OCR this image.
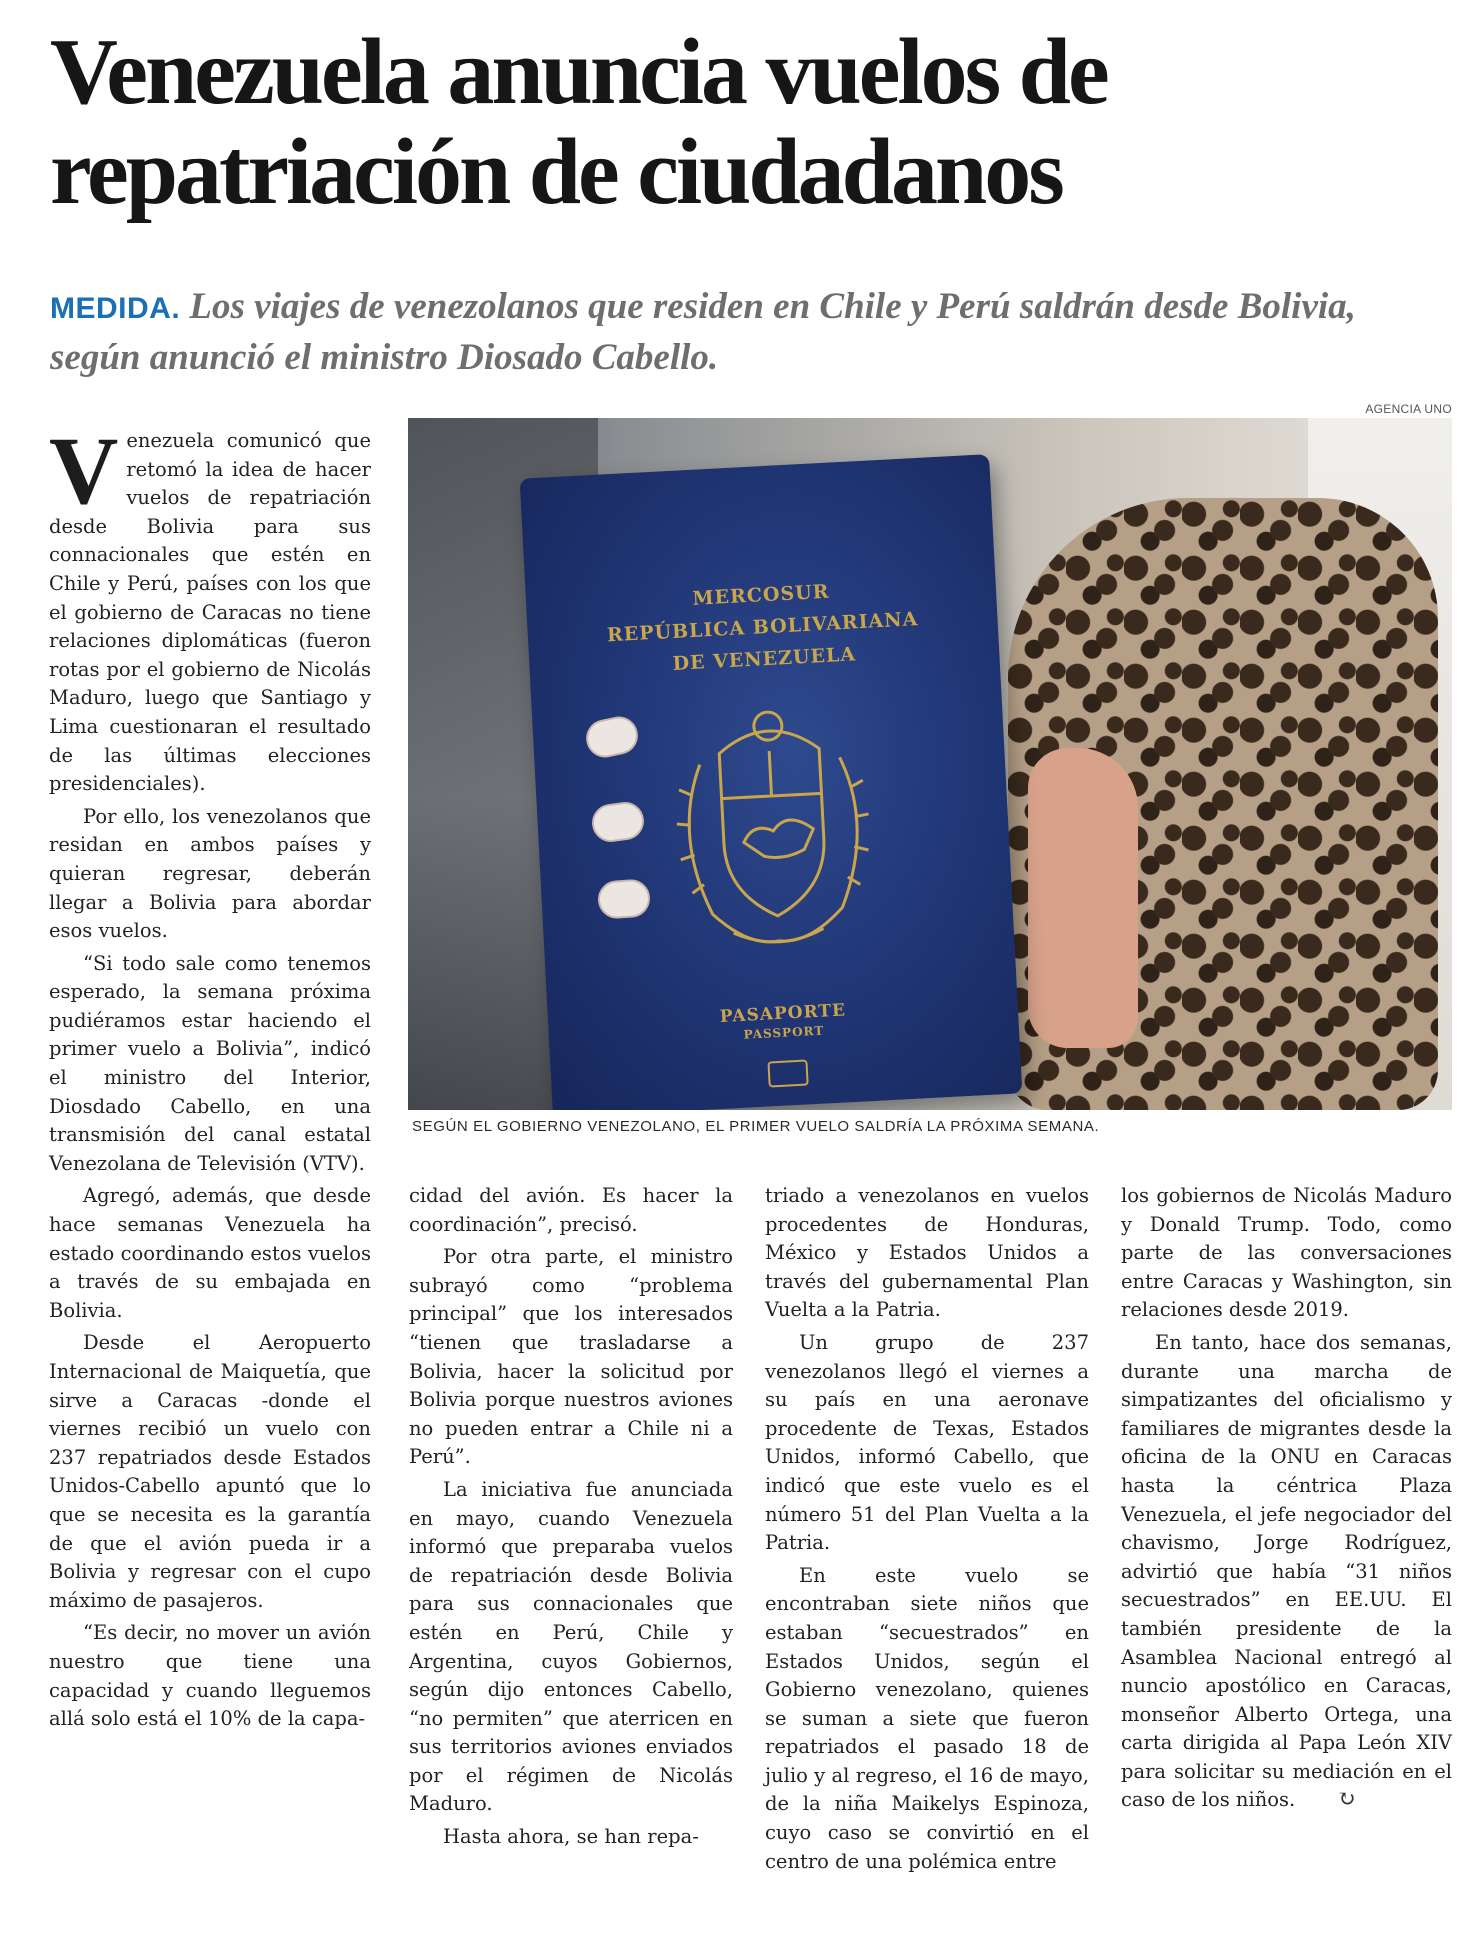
Venezuela anuncia vuelos de
repatriación de ciudadanos

MEDIDA. Los viajes de venezolanos que residen en Chile y Perú saldrán desde Bolivia, según anunció el ministro Diosado Cabello.

AGENCIA UNO

MERCOSUR

REPÚBLICA BOLIVARIANA

DE VENEZUELA

PASAPORTE

PASSPORT

SEGÚN EL GOBIERNO VENEZOLANO, EL PRIMER VUELO SALDRÍA LA PRÓXIMA SEMANA.

Venezuela comunicó que retomó la idea de hacer vuelos de repatriación desde Bolivia para sus connacionales que estén en Chile y Perú, países con los que el gobierno de Caracas no tiene relaciones diplomáticas (fueron rotas por el gobierno de Nicolás Maduro, luego que Santiago y Lima cuestionaran el resultado de las últimas elecciones presidenciales).

Por ello, los venezolanos que residan en ambos países y quieran regresar, deberán llegar a Bolivia para abordar esos vuelos.

“Si todo sale como tenemos esperado, la semana próxima pudiéramos estar haciendo el primer vuelo a Bolivia”, indicó el ministro del Interior, Diosdado Cabello, en una transmisión del canal estatal Venezolana de Televisión (VTV).

Agregó, además, que desde hace semanas Venezuela ha estado coordinando estos vuelos a través de su embajada en Bolivia.

Desde el Aeropuerto Internacional de Maiquetía, que sirve a Caracas -donde el viernes recibió un vuelo con 237 repatriados desde Estados Unidos-Cabello apuntó que lo que se necesita es la garantía de que el avión pueda ir a Bolivia y regresar con el cupo máximo de pasajeros.

“Es decir, no mover un avión nuestro que tiene una capacidad y cuando lleguemos allá solo está el 10% de la capa-

cidad del avión. Es hacer la coordinación”, precisó.

Por otra parte, el ministro subrayó como “problema principal” que los interesados “tienen que trasladarse a Bolivia, hacer la solicitud por Bolivia porque nuestros aviones no pueden entrar a Chile ni a Perú”.

La iniciativa fue anunciada en mayo, cuando Venezuela informó que preparaba vuelos de repatriación desde Bolivia para sus connacionales que estén en Perú, Chile y Argentina, cuyos Gobiernos, según dijo entonces Cabello, “no permiten” que aterricen en sus territorios aviones enviados por el régimen de Nicolás Maduro.

Hasta ahora, se han repa-

triado a venezolanos en vuelos procedentes de Honduras, México y Estados Unidos a través del gubernamental Plan Vuelta a la Patria.

Un grupo de 237 venezolanos llegó el viernes a su país en una aeronave procedente de Texas, Estados Unidos, informó Cabello, que indicó que este vuelo es el número 51 del Plan Vuelta a la Patria.

En este vuelo se encontraban siete niños que estaban “secuestrados” en Estados Unidos, según el Gobierno venezolano, quienes se suman a siete que fueron repatriados el pasado 18 de julio y al regreso, el 16 de mayo, de la niña Maikelys Espinoza, cuyo caso se convirtió en el centro de una polémica entre

los gobiernos de Nicolás Maduro y Donald Trump. Todo, como parte de las conversaciones entre Caracas y Washington, sin relaciones desde 2019.

En tanto, hace dos semanas, durante una marcha de simpatizantes del oficialismo y familiares de migrantes desde la oficina de la ONU en Caracas hasta la céntrica Plaza Venezuela, el jefe negociador del chavismo, Jorge Rodríguez, advirtió que había “31 niños secuestrados” en EE.UU. El también presidente de la Asamblea Nacional entregó al nuncio apostólico en Caracas, monseñor Alberto Ortega, una carta dirigida al Papa León XIV para solicitar su mediación en el caso de los niños. ↻
